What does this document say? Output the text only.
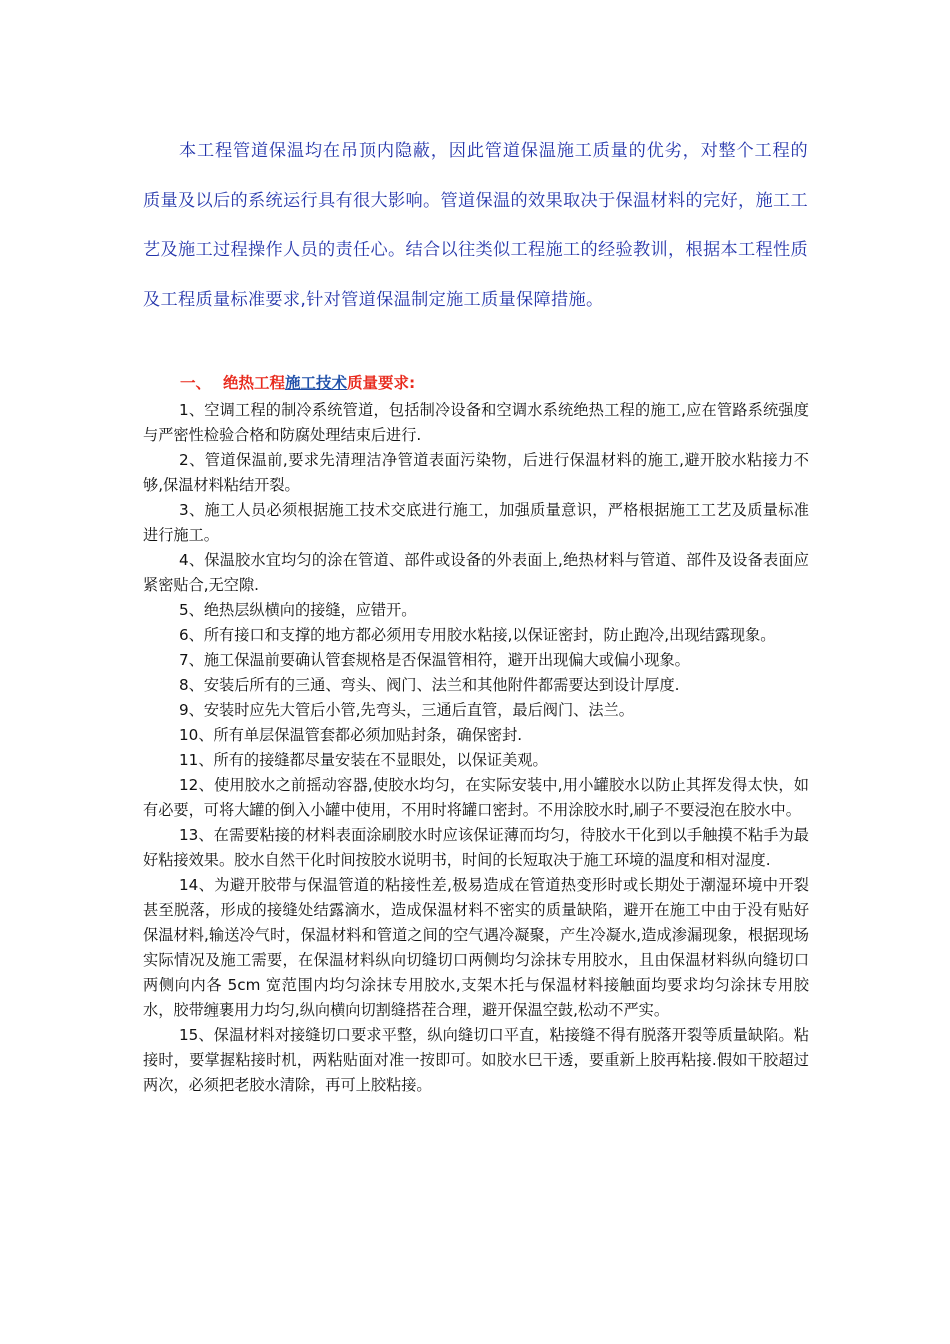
本工程管道保温均在吊顶内隐蔽，因此管道保温施工质量的优劣，对整个工程的质量及以后的系统运行具有很大影响。管道保温的效果取决于保温材料的完好，施工工艺及施工过程操作人员的责任心。结合以往类似工程施工的经验教训，根据本工程性质及工程质量标准要求,针对管道保温制定施工质量保障措施。

一、 绝热工程施工技术质量要求:

1、空调工程的制冷系统管道，包括制冷设备和空调水系统绝热工程的施工,应在管路系统强度与严密性检验合格和防腐处理结束后进行.

2、管道保温前,要求先清理洁净管道表面污染物，后进行保温材料的施工,避开胶水粘接力不够,保温材料粘结开裂。

3、施工人员必须根据施工技术交底进行施工，加强质量意识，严格根据施工工艺及质量标准进行施工。

4、保温胶水宜均匀的涂在管道、部件或设备的外表面上,绝热材料与管道、部件及设备表面应紧密贴合,无空隙.

5、绝热层纵横向的接缝，应错开。

6、所有接口和支撑的地方都必须用专用胶水粘接,以保证密封，防止跑冷,出现结露现象。

7、施工保温前要确认管套规格是否保温管相符，避开出现偏大或偏小现象。

8、安装后所有的三通、弯头、阀门、法兰和其他附件都需要达到设计厚度.

9、安装时应先大管后小管,先弯头，三通后直管，最后阀门、法兰。

10、所有单层保温管套都必须加贴封条，确保密封.

11、所有的接缝都尽量安装在不显眼处，以保证美观。

12、使用胶水之前摇动容器,使胶水均匀，在实际安装中,用小罐胶水以防止其挥发得太快，如有必要，可将大罐的倒入小罐中使用，不用时将罐口密封。不用涂胶水时,刷子不要浸泡在胶水中。

13、在需要粘接的材料表面涂刷胶水时应该保证薄而均匀，待胶水干化到以手触摸不粘手为最好粘接效果。胶水自然干化时间按胶水说明书，时间的长短取决于施工环境的温度和相对湿度.

14、为避开胶带与保温管道的粘接性差,极易造成在管道热变形时或长期处于潮湿环境中开裂甚至脱落，形成的接缝处结露滴水，造成保温材料不密实的质量缺陷，避开在施工中由于没有贴好保温材料,输送冷气时，保温材料和管道之间的空气遇冷凝聚，产生冷凝水,造成渗漏现象，根据现场实际情况及施工需要，在保温材料纵向切缝切口两侧均匀涂抹专用胶水，且由保温材料纵向缝切口两侧向内各 5cm 宽范围内均匀涂抹专用胶水,支架木托与保温材料接触面均要求均匀涂抹专用胶水，胶带缠裹用力均匀,纵向横向切割缝搭茬合理，避开保温空鼓,松动不严实。

15、保温材料对接缝切口要求平整，纵向缝切口平直，粘接缝不得有脱落开裂等质量缺陷。粘接时，要掌握粘接时机，两粘贴面对准一按即可。如胶水巳干透，要重新上胶再粘接.假如干胶超过两次，必须把老胶水清除，再可上胶粘接。
